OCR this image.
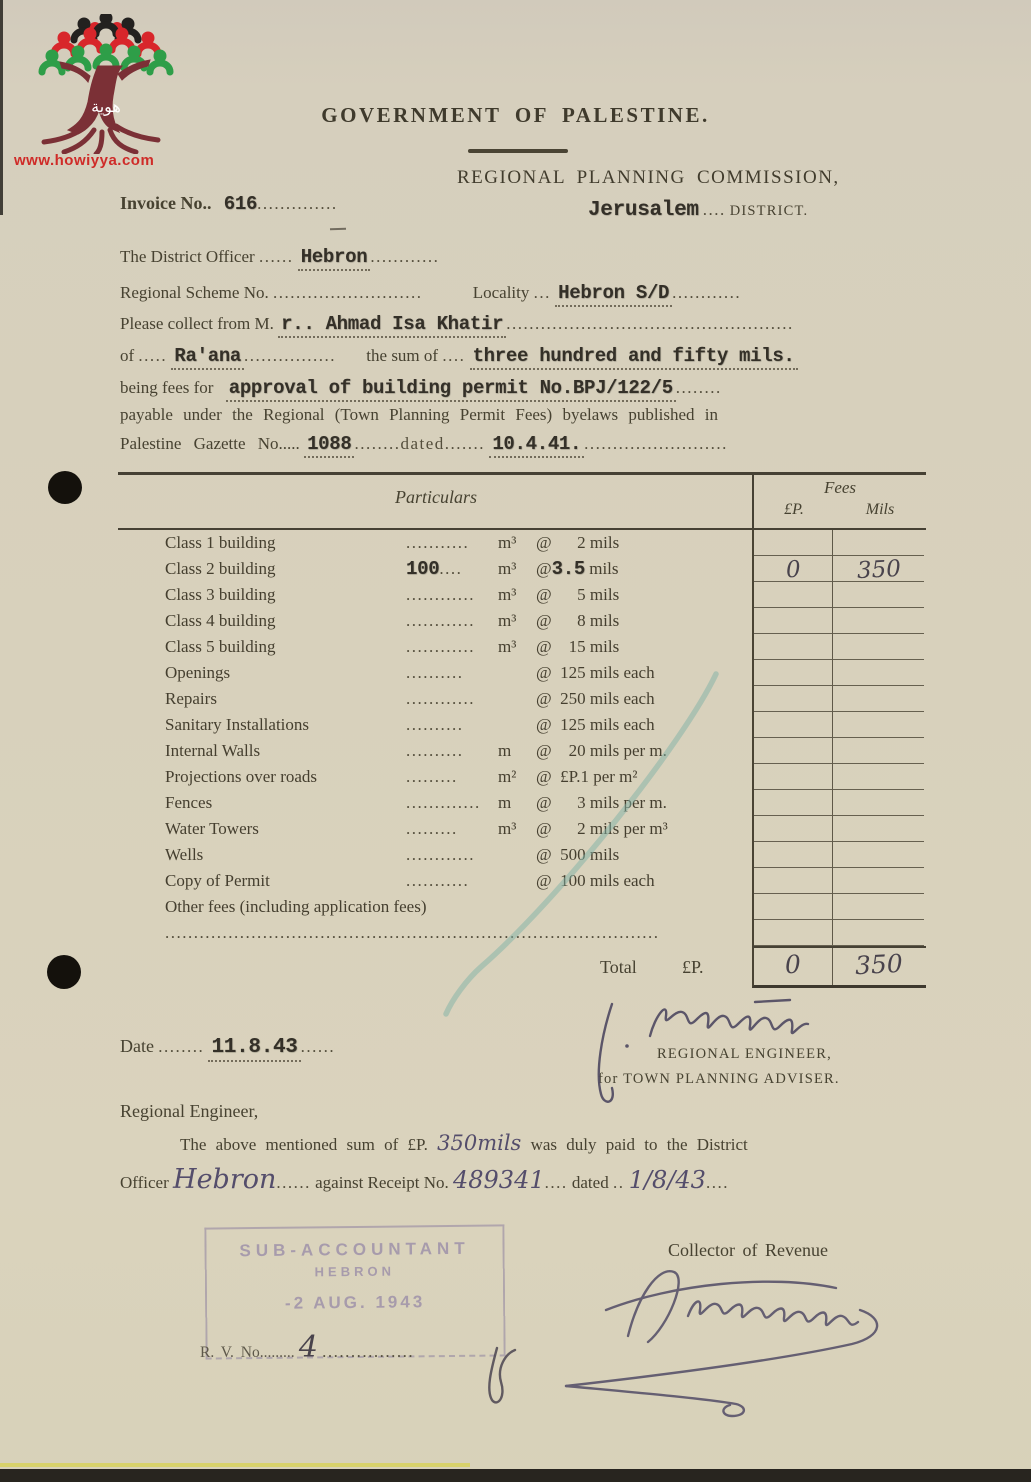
هوية
www.howiyya.com
GOVERNMENT OF PALESTINE.
REGIONAL PLANNING COMMISSION,
Invoice No.. 616..............	Jerusalem .... DISTRICT.
The District Officer ...... Hebron ............
Regional Scheme No. ..........................	Locality ... Hebron S/D ............
Please collect from M. r.. Ahmad Isa Khatir ..................................................
of ..... Ra'ana ................ the sum of .... three hundred and fifty mils.
being fees for approval of building permit No.BPJ/122/5 ........
payable under the Regional (Town Planning Permit Fees) byelaws published in
Palestine Gazette No..... 1088 ........dated....... 10.4.41. .........................
Particulars	Fees
£P.	Mils
Class 1 building	........... m³ @      2 mils
Class 2 building	100.... m³ @3.5 mils	0	350
Class 3 building	............ m³ @      5 mils
Class 4 building	............ m³ @      8 mils
Class 5 building	............ m³ @    15 mils
Openings	..........	@  125 mils each
Repairs	............	@  250 mils each
Sanitary Installations	..........	@  125 mils each
Internal Walls	.......... m @    20 mils per m.
Projections over roads	......... m² @  £P.1 per m²
Fences	............. m @      3 mils per m.
Water Towers	......... m³ @      2 mils per m³
Wells	............	@  500 mils
Copy of Permit	...........	@  100 mils each
Other fees (including application fees)
......................................................................................
Total	£P.	0	350
Date ........ 11.8.43 ......	REGIONAL ENGINEER,
for TOWN PLANNING ADVISER.
Regional Engineer,
The above mentioned sum of £P. 350mils was duly paid to the District
Officer Hebron...... against Receipt No. 489341.... dated .. 1/8/43....
SUB-ACCOUNTANT
HEBRON
-2 AUG. 1943
R. V. No......... 4 ................
Collector of Revenue
